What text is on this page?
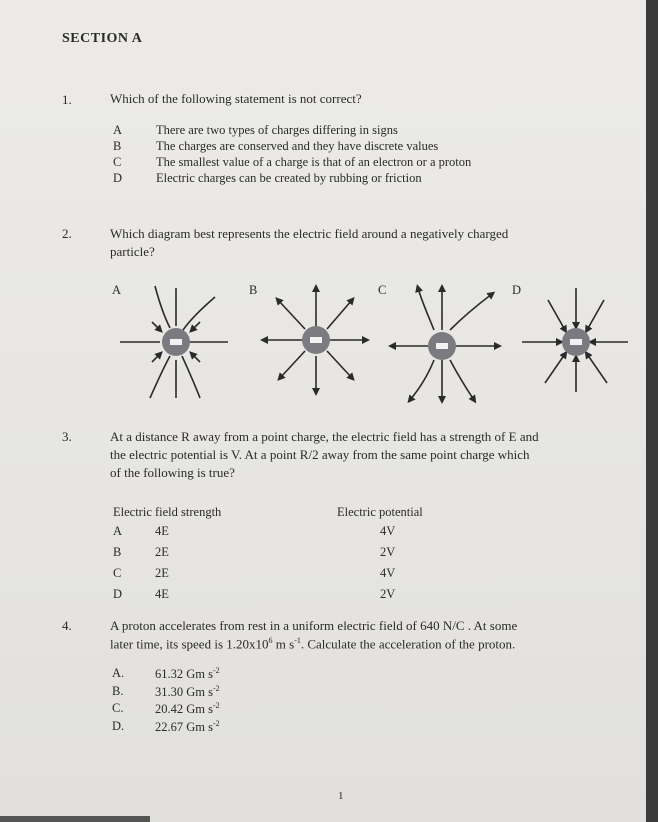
SECTION A
1.	Which of the following statement is not correct?
A	There are two types of charges differing in signs
B	The charges are conserved and they have discrete values
C	The smallest value of a charge is that of an electron or a proton
D	Electric charges can be created by rubbing or friction
2.	Which diagram best represents the electric field around a negatively charged
particle?
A	B	C	D
3.	At a distance R away from a point charge, the electric field has a strength of E and
the electric potential is V. At a point R/2 away from the same point charge which
of the following is true?
Electric field strength	Electric potential
A	4E	4V
B	2E	2V
C	2E	4V
D	4E	2V
4.	A proton accelerates from rest in a uniform electric field of 640 N/C . At some
later time, its speed is $1.20x10^6$ m $s^{-1}$. Calculate the acceleration of the proton.
A. 61.32 Gm $s^{-2}$
B.	31.30 Gm $s^{-2}$
C.	20.42 Gm $s^{-2}$
D. 22.67 Gm $s^{-2}$
1
